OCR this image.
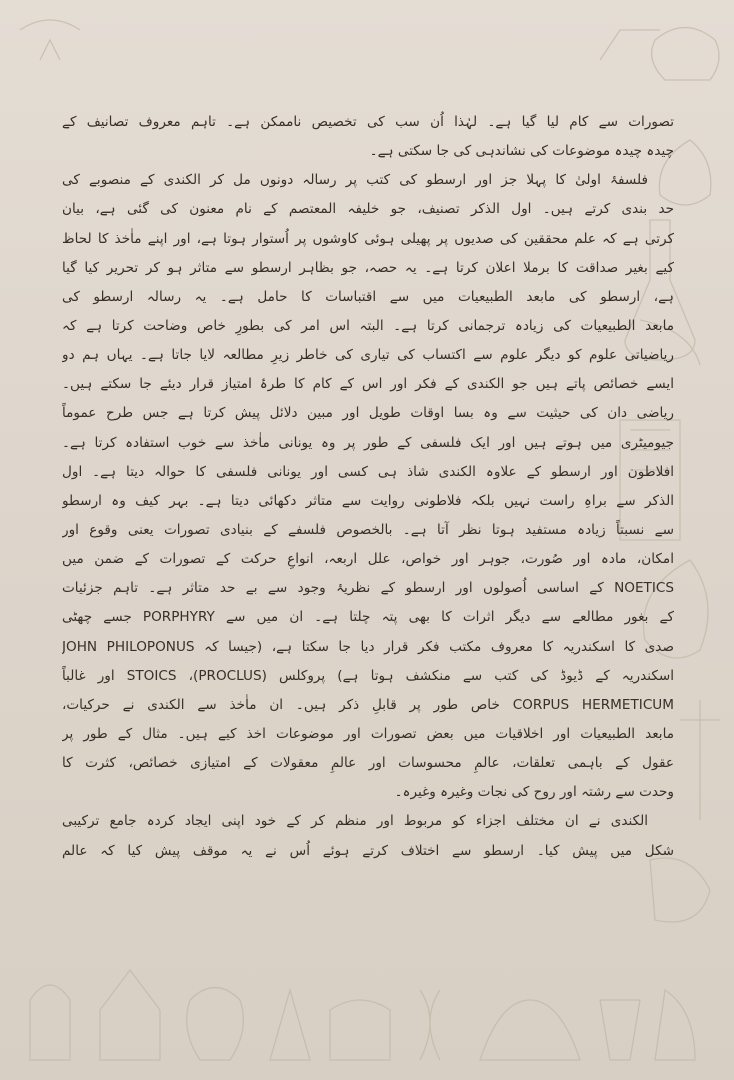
تصورات سے کام لیا گیا ہے۔ لہٰذا اُن سب کی تخصیص ناممکن ہے۔ تاہم معروف تصانیف کے
چیدہ چیدہ موضوعات کی نشاندہی کی جا سکتی ہے۔
فلسفۂ اولیٰ کا پہلا جز اور ارسطو کی کتب پر رسالہ دونوں مل کر الکندی کے منصوبے کی
حد بندی کرتے ہیں۔ اول الذکر تصنیف، جو خلیفہ المعتصم کے نام معنون کی گئی ہے، بیان
کرتی ہے کہ علم محققین کی صدیوں پر پھیلی ہوئی کاوشوں پر اُستوار ہوتا ہے، اور اپنے ماٰخذ کا لحاظ
کیے بغیر صداقت کا برملا اعلان کرتا ہے۔ یہ حصہ، جو بظاہر ارسطو سے متاثر ہو کر تحریر کیا گیا
ہے، ارسطو کی مابعد الطبیعیات میں سے اقتباسات کا حامل ہے۔ یہ رسالہ ارسطو کی
مابعد الطبیعیات کی زیادہ ترجمانی کرتا ہے۔ البتہ اس امر کی بطورِ خاص وضاحت کرتا ہے کہ
ریاضیاتی علوم کو دیگر علوم سے اکتساب کی تیاری کی خاطر زیرِ مطالعہ لایا جاتا ہے۔ یہاں ہم دو
ایسے خصائص پاتے ہیں جو الکندی کے فکر اور اس کے کام کا طرۂ امتیاز قرار دیئے جا سکتے ہیں۔
ریاضی دان کی حیثیت سے وہ بسا اوقات طویل اور مبین دلائل پیش کرتا ہے جس طرح عموماً
جیومیٹری میں ہوتے ہیں اور ایک فلسفی کے طور پر وہ یونانی ماٰخذ سے خوب استفادہ کرتا ہے۔
افلاطون اور ارسطو کے علاوہ الکندی شاذ ہی کسی اور یونانی فلسفی کا حوالہ دیتا ہے۔ اول
الذکر سے براہِ راست نہیں بلکہ فلاطونی روایت سے متاثر دکھائی دیتا ہے۔ بہر کیف وہ ارسطو
سے نسبتاً زیادہ مستفید ہوتا نظر آتا ہے۔ بالخصوص فلسفے کے بنیادی تصورات یعنی وقوع اور
امکان، مادہ اور صُورت، جوہر اور خواص، علل اربعہ، انواعِ حرکت کے تصورات کے ضمن میں
NOETICS کے اساسی اُصولوں اور ارسطو کے نظریۂ وجود سے بے حد متاثر ہے۔ تاہم جزئیات
کے بغور مطالعے سے دیگر اثرات کا بھی پتہ چلتا ہے۔ ان میں سے PORPHYRY جسے چھٹی
صدی کا اسکندریہ کا معروف مکتب فکر قرار دیا جا سکتا ہے، (جیسا کہ JOHN PHILOPONUS
اسکندریہ کے ڈیوڈ کی کتب سے منکشف ہوتا ہے) پروکلس (PROCLUS)، STOICS اور غالباً
CORPUS HERMETICUM خاص طور پر قابلِ ذکر ہیں۔ ان ماٰخذ سے الکندی نے حرکیات،
مابعد الطبیعیات اور اخلاقیات میں بعض تصورات اور موضوعات اخذ کیے ہیں۔ مثال کے طور پر
عقول کے باہمی تعلقات، عالمِ محسوسات اور عالمِ معقولات کے امتیازی خصائص، کثرت کا
وحدت سے رشتہ اور روح کی نجات وغیرہ وغیرہ۔
الکندی نے ان مختلف اجزاء کو مربوط اور منظم کر کے خود اپنی ایجاد کردہ جامع ترکیبی
شکل میں پیش کیا۔ ارسطو سے اختلاف کرتے ہوئے اُس نے یہ موقف پیش کیا کہ عالم
